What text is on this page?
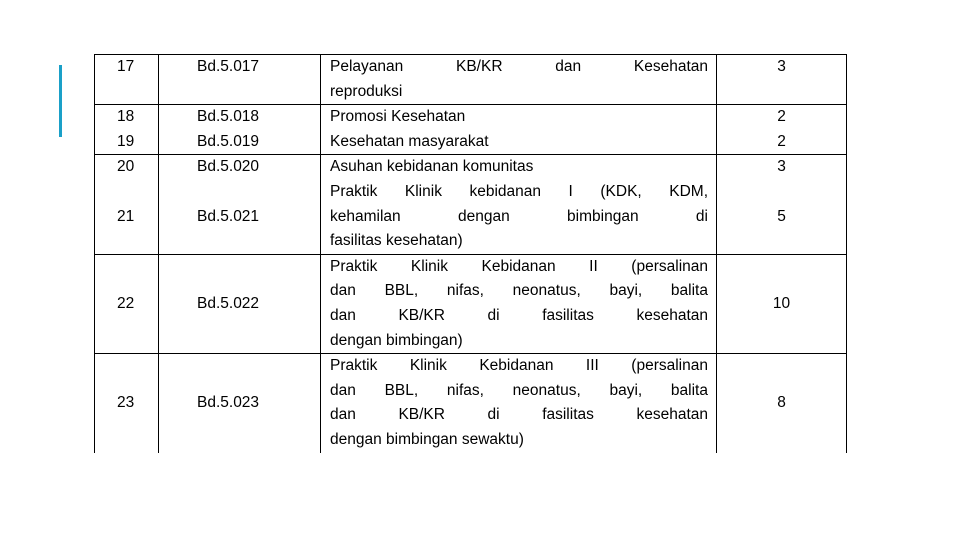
17	Bd.5.017	Pelayanan KB/KR dan Kesehatan
reproduksi	3
18	Bd.5.018	Promosi Kesehatan	2
19	Bd.5.019	Kesehatan masyarakat	2
20	Bd.5.020	Asuhan kebidanan komunitas	3
21	Bd.5.021	Praktik Klinik kebidanan I (KDK, KDM,
kehamilan dengan bimbingan di
fasilitas kesehatan)	5
22	Bd.5.022	Praktik Klinik Kebidanan II (persalinan
dan BBL, nifas, neonatus, bayi, balita
dan KB/KR di fasilitas kesehatan
dengan bimbingan)	10
23	Bd.5.023	Praktik Klinik Kebidanan III (persalinan
dan BBL, nifas, neonatus, bayi, balita
dan KB/KR di fasilitas kesehatan
dengan bimbingan sewaktu)	8
